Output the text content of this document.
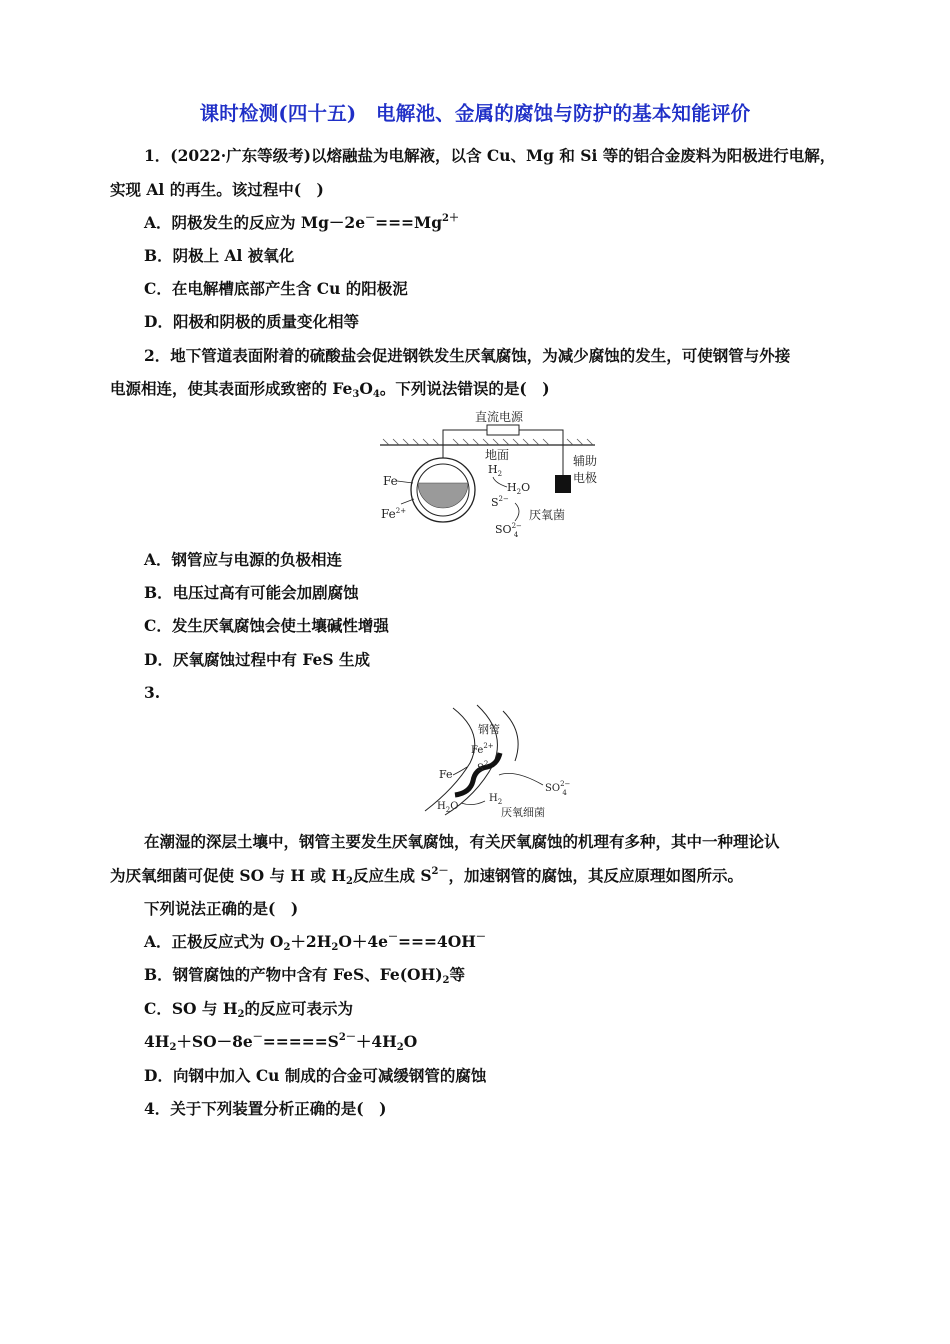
课时检测(四十五)　电解池、金属的腐蚀与防护的基本知能评价
1．(2022·广东等级考)以熔融盐为电解液，以含 Cu、Mg 和 Si 等的铝合金废料为阳极进行电解，
实现 Al 的再生。该过程中(　)
A．阴极发生的反应为 $Mg-2e^-===Mg^{2+}$
B．阴极上 Al 被氧化
C．在电解槽底部产生含 Cu 的阳极泥
D．阳极和阴极的质量变化相等
2．地下管道表面附着的硫酸盐会促进钢铁发生厌氧腐蚀，为减少腐蚀的发生，可使钢管与外接
电源相连，使其表面形成致密的 $Fe_3O_4$。下列说法错误的是(　)
直流电源
地面
Fe
$Fe^{2+}$
$H_2$
$H_2O$
$S^{2-}$
$SO^{2-}$ 4
厌氧菌
辅助
电极
A．钢管应与电源的负极相连
B．电压过高有可能会加剧腐蚀
C．发生厌氧腐蚀会使土壤碱性增强
D．厌氧腐蚀过程中有 FeS 生成
3.
钢管
$Fe^{2+}$
$S^{2-}$
Fe
$SO^{2-}$ 4
$H_2O$
$H_2$
厌氧细菌
在潮湿的深层土壤中，钢管主要发生厌氧腐蚀，有关厌氧腐蚀的机理有多种，其中一种理论认
为厌氧细菌可促使 SO 与 H 或 $H_2$反应生成 $S^{2-}$，加速钢管的腐蚀，其反应原理如图所示。
下列说法正确的是(　)
A．正极反应式为 $O_2+2H_2O+4e^-===4OH^-$
B．钢管腐蚀的产物中含有 FeS、$Fe(OH)_2$等
C．SO 与 $H_2$的反应可表示为
$4H_2+SO-8e^-=====S^{2-}+4H_2O$
D．向钢中加入 Cu 制成的合金可减缓钢管的腐蚀
4．关于下列装置分析正确的是(　)
